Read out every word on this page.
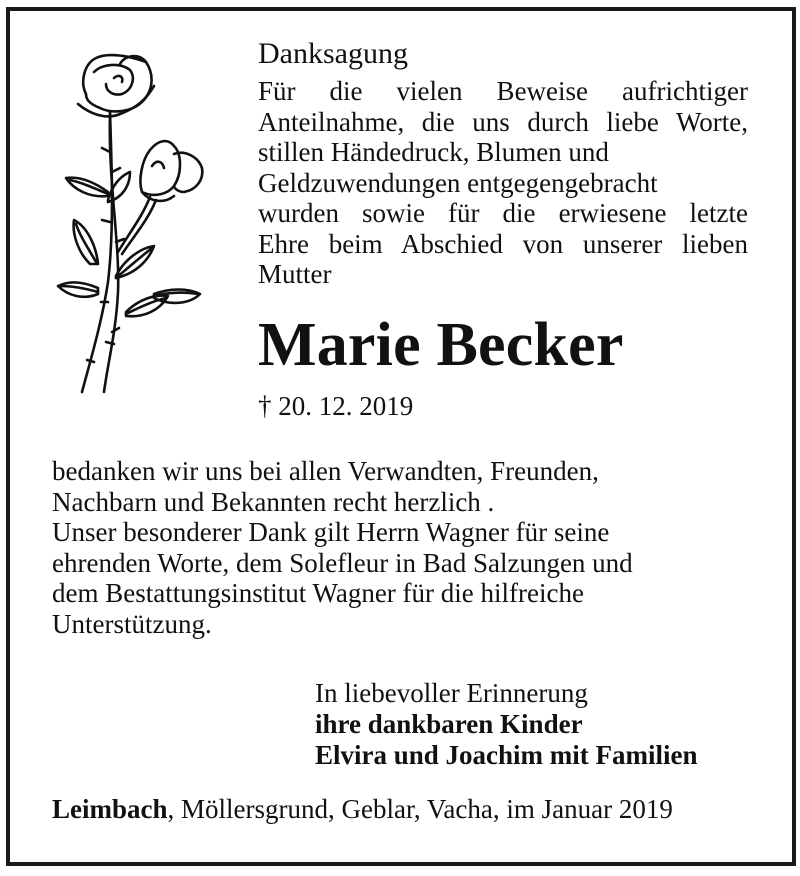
Danksagung

Für die vielen Beweise aufrichtiger

Anteilnahme, die uns durch liebe Worte,

stillen Händedruck, Blumen und

Geldzuwendungen entgegengebracht

wurden sowie für die erwiesene letzte

Ehre beim Abschied von unserer lieben

Mutter

Marie Becker
† 20. 12. 2019

bedanken wir uns bei allen Verwandten, Freunden,

Nachbarn und Bekannten recht herzlich .

Unser besonderer Dank gilt Herrn Wagner für seine

ehrenden Worte, dem Solefleur in Bad Salzungen und

dem Bestattungsinstitut Wagner für die hilfreiche

Unterstützung.

In liebevoller Erinnerung

ihre dankbaren Kinder

Elvira und Joachim mit Familien

Leimbach, Möllersgrund, Geblar, Vacha, im Januar 2019
